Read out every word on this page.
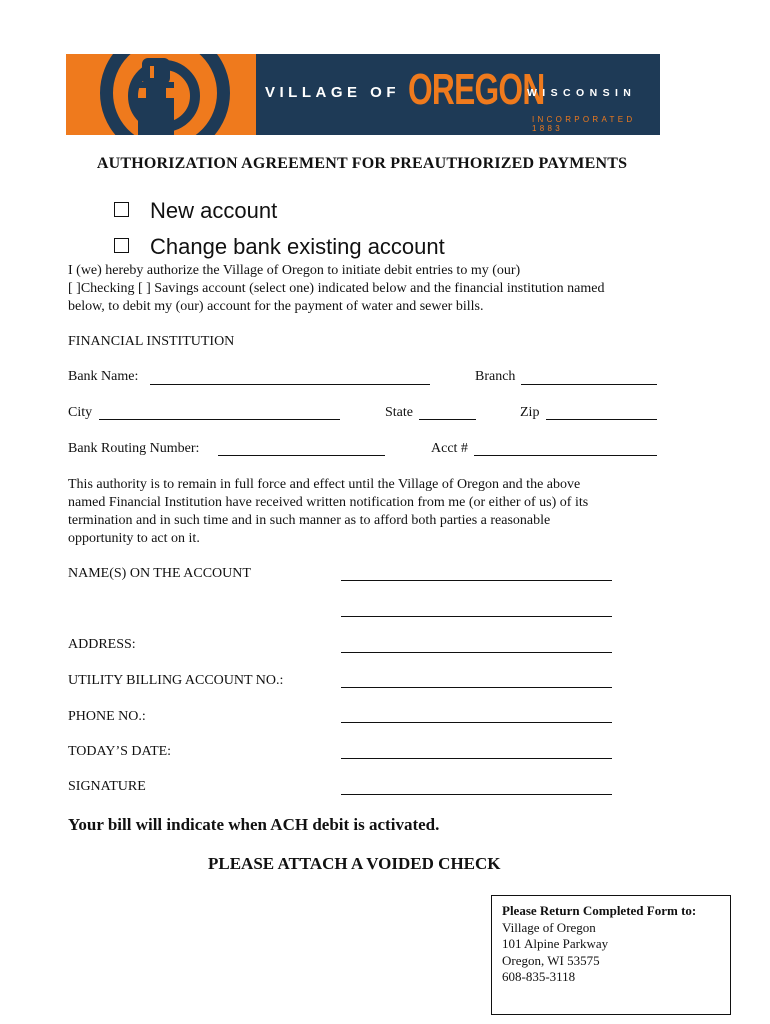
VILLAGE OF OREGON
WISCONSIN
INCORPORATED 1883
AUTHORIZATION AGREEMENT FOR PREAUTHORIZED PAYMENTS
New account
Change bank existing account
I (we) hereby authorize the Village of Oregon to initiate debit entries to my (our)
[ ]Checking [ ] Savings account (select one) indicated below and the financial institution named
below, to debit my (our) account for the payment of water and sewer bills.
FINANCIAL INSTITUTION
Bank Name:	Branch
City	State	Zip
Bank Routing Number:	Acct #
This authority is to remain in full force and effect until the Village of Oregon and the above
named Financial Institution have received written notification from me (or either of us) of its
termination and in such time and in such manner as to afford both parties a reasonable
opportunity to act on it.
NAME(S) ON THE ACCOUNT
ADDRESS:
UTILITY BILLING ACCOUNT NO.:
PHONE NO.:
TODAY’S DATE:
SIGNATURE
Your bill will indicate when ACH debit is activated.
PLEASE ATTACH A VOIDED CHECK
Please Return Completed Form to:
Village of Oregon
101 Alpine Parkway
Oregon, WI 53575
608-835-3118
